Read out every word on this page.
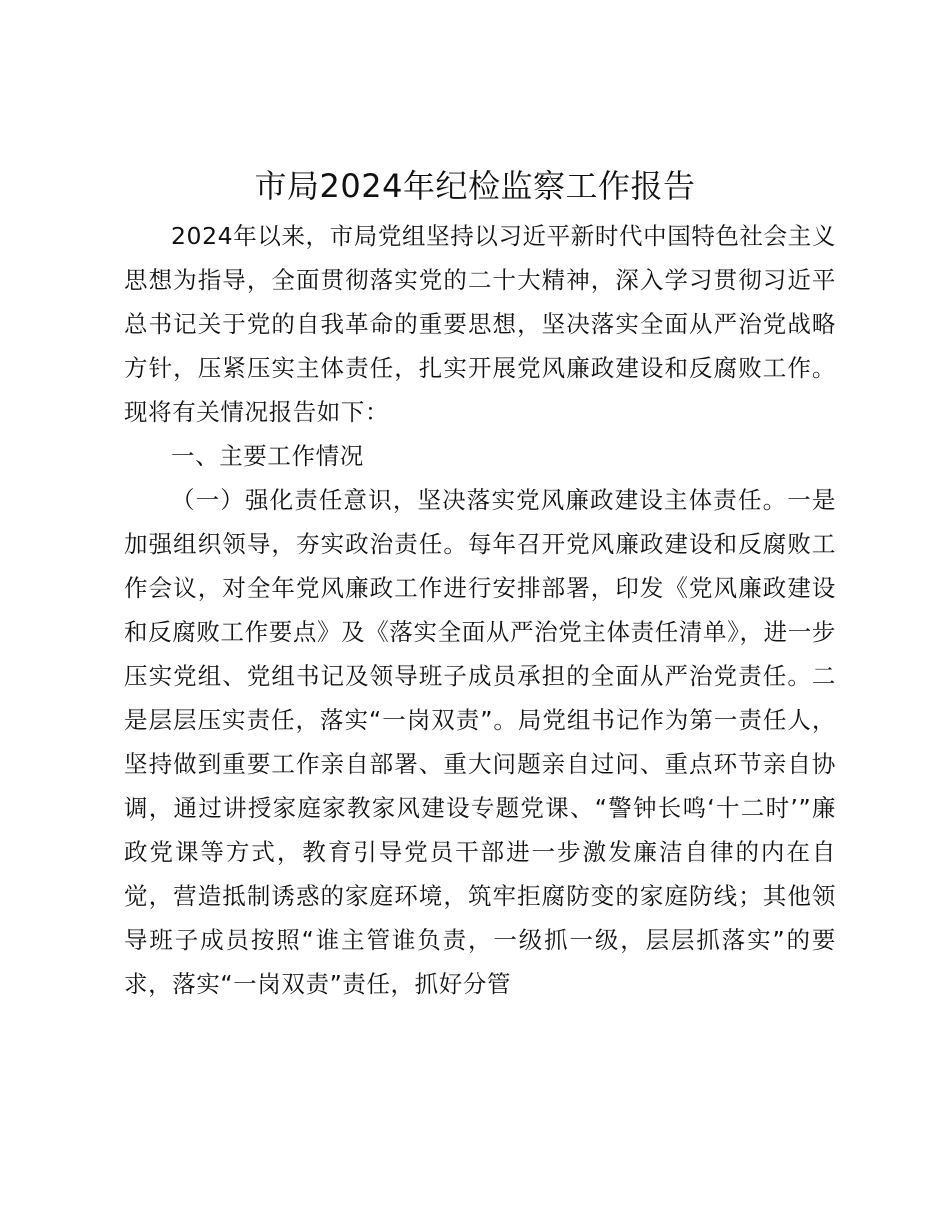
市局2024年纪检监察工作报告

2024年以来，市局党组坚持以习近平新时代中国特色社会主义思想为指导，全面贯彻落实党的二十大精神，深入学习贯彻习近平总书记关于党的自我革命的重要思想，坚决落实全面从严治党战略方针，压紧压实主体责任，扎实开展党风廉政建设和反腐败工作。现将有关情况报告如下：

一、主要工作情况

（一）强化责任意识，坚决落实党风廉政建设主体责任。一是加强组织领导，夯实政治责任。每年召开党风廉政建设和反腐败工作会议，对全年党风廉政工作进行安排部署，印发《党风廉政建设和反腐败工作要点》及《落实全面从严治党主体责任清单》，进一步压实党组、党组书记及领导班子成员承担的全面从严治党责任。二是层层压实责任，落实“一岗双责”。局党组书记作为第一责任人，坚持做到重要工作亲自部署、重大问题亲自过问、重点环节亲自协调，通过讲授家庭家教家风建设专题党课、“警钟长鸣‘十二时’”廉政党课等方式，教育引导党员干部进一步激发廉洁自律的内在自觉，营造抵制诱惑的家庭环境，筑牢拒腐防变的家庭防线；其他领导班子成员按照“谁主管谁负责，一级抓一级，层层抓落实”的要求，落实“一岗双责”责任，抓好分管
